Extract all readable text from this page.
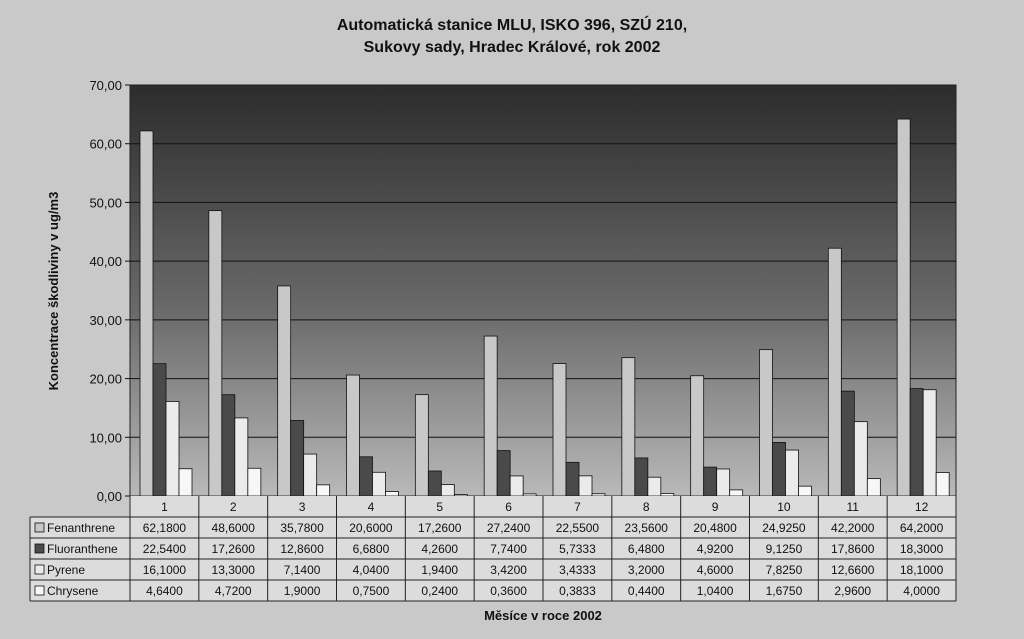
Automatická stanice MLU, ISKO 396, SZÚ 210,
Sukovy sady, Hradec Králové, rok 2002
0,00
10,00
20,00
30,00
40,00
50,00
60,00
70,00
1	2	3	4	5	6	7	8	9	10	11	12
Fenanthrene 62,1800 48,6000 35,7800 20,6000 17,2600 27,2400 22,5500 23,5600 20,4800 24,9250 42,2000 64,2000
Fluoranthene 22,5400 17,2600 12,8600 6,6800	4,2600	7,7400	5,7333	6,4800	4,9200	9,1250 17,8600 18,3000
Pyrene	16,1000 13,3000 7,1400	4,0400	1,9400	3,4200	3,4333	3,2000	4,6000	7,8250 12,6600 18,1000
Chrysene	4,6400	4,7200	1,9000	0,7500	0,2400	0,3600	0,3833	0,4400	1,0400	1,6750	2,9600	4,0000
Koncentrace škodliviny v ug/m3
Měsíce v roce 2002
